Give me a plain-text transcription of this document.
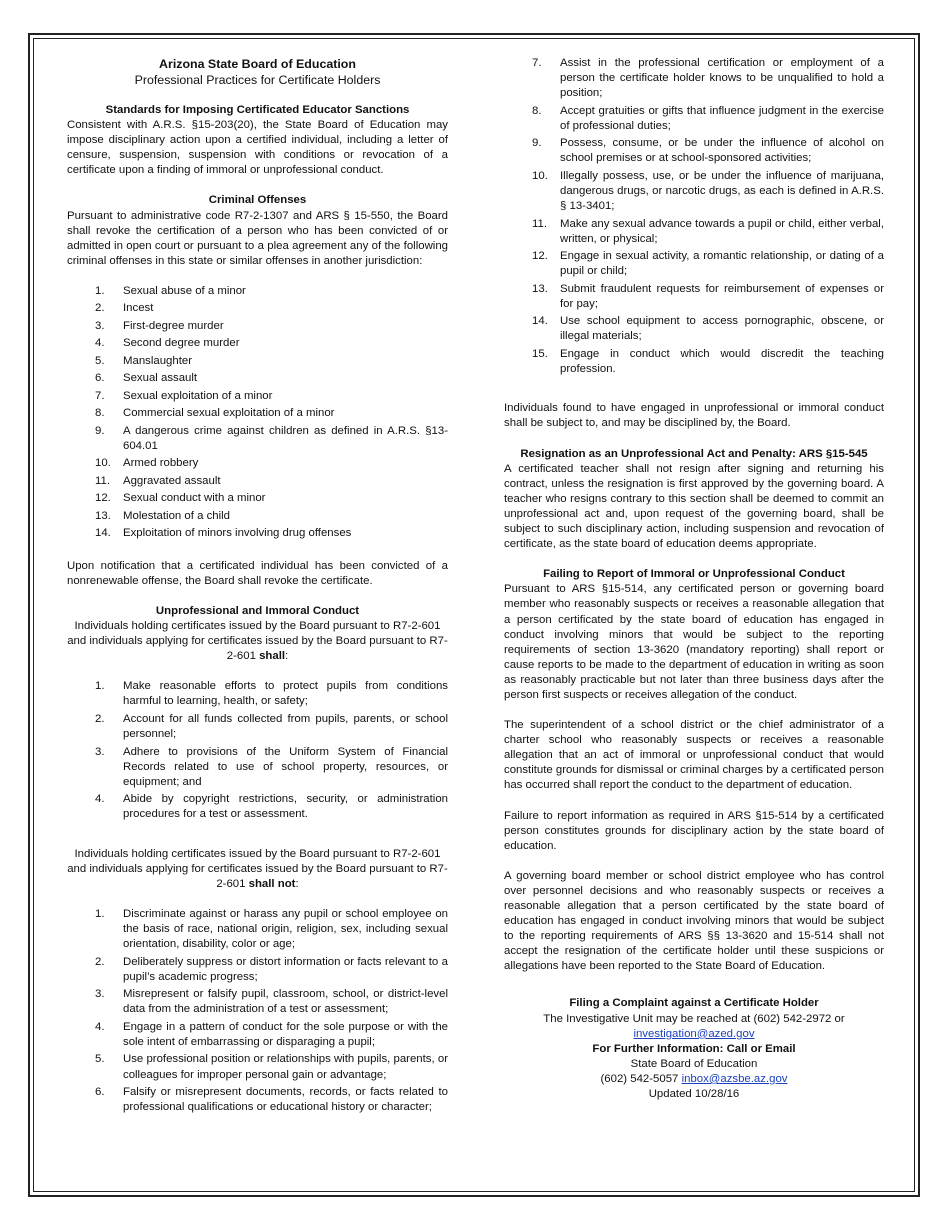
Arizona State Board of Education

Professional Practices for Certificate Holders

Standards for Imposing Certificated Educator Sanctions

Consistent with A.R.S. §15-203(20), the State Board of Education may impose disciplinary action upon a certified individual, including a letter of censure, suspension, suspension with conditions or revocation of a certificate upon a finding of immoral or unprofessional conduct.

Criminal Offenses

Pursuant to administrative code R7-2-1307 and ARS § 15-550, the Board shall revoke the certification of a person who has been convicted of or admitted in open court or pursuant to a plea agreement any of the following criminal offenses in this state or similar offenses in another jurisdiction:

1. Sexual abuse of a minor
2. Incest
3. First-degree murder
4. Second degree murder
5. Manslaughter
6. Sexual assault
7. Sexual exploitation of a minor
8. Commercial sexual exploitation of a minor
9. A dangerous crime against children as defined in A.R.S. §13-604.01
10. Armed robbery
11. Aggravated assault
12. Sexual conduct with a minor
13. Molestation of a child
14. Exploitation of minors involving drug offenses

Upon notification that a certificated individual has been convicted of a nonrenewable offense, the Board shall revoke the certificate.

Unprofessional and Immoral Conduct

Individuals holding certificates issued by the Board pursuant to R7-2-601 and individuals applying for certificates issued by the Board pursuant to R7-2-601 shall:

1. Make reasonable efforts to protect pupils from conditions harmful to learning, health, or safety;
2. Account for all funds collected from pupils, parents, or school personnel;
3. Adhere to provisions of the Uniform System of Financial Records related to use of school property, resources, or equipment; and
4. Abide by copyright restrictions, security, or administration procedures for a test or assessment.

Individuals holding certificates issued by the Board pursuant to R7-2-601 and individuals applying for certificates issued by the Board pursuant to R7-2-601 shall not:

1. Discriminate against or harass any pupil or school employee on the basis of race, national origin, religion, sex, including sexual orientation, disability, color or age;
2. Deliberately suppress or distort information or facts relevant to a pupil’s academic progress;
3. Misrepresent or falsify pupil, classroom, school, or district-level data from the administration of a test or assessment;
4. Engage in a pattern of conduct for the sole purpose or with the sole intent of embarrassing or disparaging a pupil;
5. Use professional position or relationships with pupils, parents, or colleagues for improper personal gain or advantage;
6. Falsify or misrepresent documents, records, or facts related to professional qualifications or educational history or character;
7. Assist in the professional certification or employment of a person the certificate holder knows to be unqualified to hold a position;
8. Accept gratuities or gifts that influence judgment in the exercise of professional duties;
9. Possess, consume, or be under the influence of alcohol on school premises or at school-sponsored activities;
10. Illegally possess, use, or be under the influence of marijuana, dangerous drugs, or narcotic drugs, as each is defined in A.R.S. § 13-3401;
11. Make any sexual advance towards a pupil or child, either verbal, written, or physical;
12. Engage in sexual activity, a romantic relationship, or dating of a pupil or child;
13. Submit fraudulent requests for reimbursement of expenses or for pay;
14. Use school equipment to access pornographic, obscene, or illegal materials;
15. Engage in conduct which would discredit the teaching profession.

Individuals found to have engaged in unprofessional or immoral conduct shall be subject to, and may be disciplined by, the Board.

Resignation as an Unprofessional Act and Penalty: ARS §15-545

A certificated teacher shall not resign after signing and returning his contract, unless the resignation is first approved by the governing board. A teacher who resigns contrary to this section shall be deemed to commit an unprofessional act and, upon request of the governing board, shall be subject to such disciplinary action, including suspension and revocation of certificate, as the state board of education deems appropriate.

Failing to Report of Immoral or Unprofessional Conduct

Pursuant to ARS §15-514, any certificated person or governing board member who reasonably suspects or receives a reasonable allegation that a person certificated by the state board of education has engaged in conduct involving minors that would be subject to the reporting requirements of section 13-3620 (mandatory reporting) shall report or cause reports to be made to the department of education in writing as soon as reasonably practicable but not later than three business days after the person first suspects or receives allegation of the conduct.

The superintendent of a school district or the chief administrator of a charter school who reasonably suspects or receives a reasonable allegation that an act of immoral or unprofessional conduct that would constitute grounds for dismissal or criminal charges by a certificated person has occurred shall report the conduct to the department of education.

Failure to report information as required in ARS §15-514 by a certificated person constitutes grounds for disciplinary action by the state board of education.

A governing board member or school district employee who has control over personnel decisions and who reasonably suspects or receives a reasonable allegation that a person certificated by the state board of education has engaged in conduct involving minors that would be subject to the reporting requirements of ARS §§ 13-3620 and 15-514 shall not accept the resignation of the certificate holder until these suspicions or allegations have been reported to the State Board of Education.

Filing a Complaint against a Certificate Holder

The Investigative Unit may be reached at (602) 542-2972 or

investigation@azed.gov

For Further Information: Call or Email

State Board of Education

(602) 542-5057 inbox@azsbe.az.gov

Updated 10/28/16
